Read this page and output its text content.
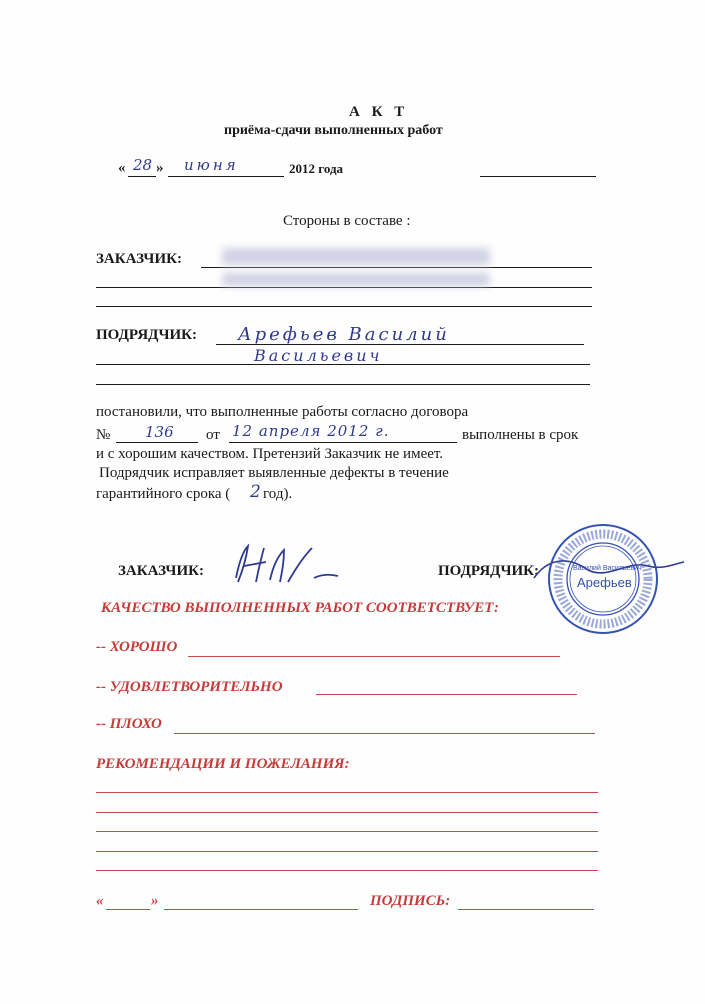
А К Т
приёма-сдачи выполненных работ
« 28 » июня	2012 года
Стороны в составе :
ЗАКАЗЧИК:
ПОДРЯДЧИК: Арефьев Василий
Васильевич
постановили, что выполненные работы согласно договора
№ 136 от 12 апреля 2012 г.	выполнены в срок
и с хорошим качеством. Претензий Заказчик не имеет.
Подрядчик исправляет выявленные дефекты в течение
гарантийного срока ( 2 год).
ЗАКАЗЧИК:	ПОДРЯДЧИК:	Василий Васильевич
Арефьев
КАЧЕСТВО ВЫПОЛНЕННЫХ РАБОТ СООТВЕТСТВУЕТ:
-- ХОРОШО
-- УДОВЛЕТВОРИТЕЛЬНО
-- ПЛОХО
РЕКОМЕНДАЦИИ И ПОЖЕЛАНИЯ:
«	»	ПОДПИСЬ:
